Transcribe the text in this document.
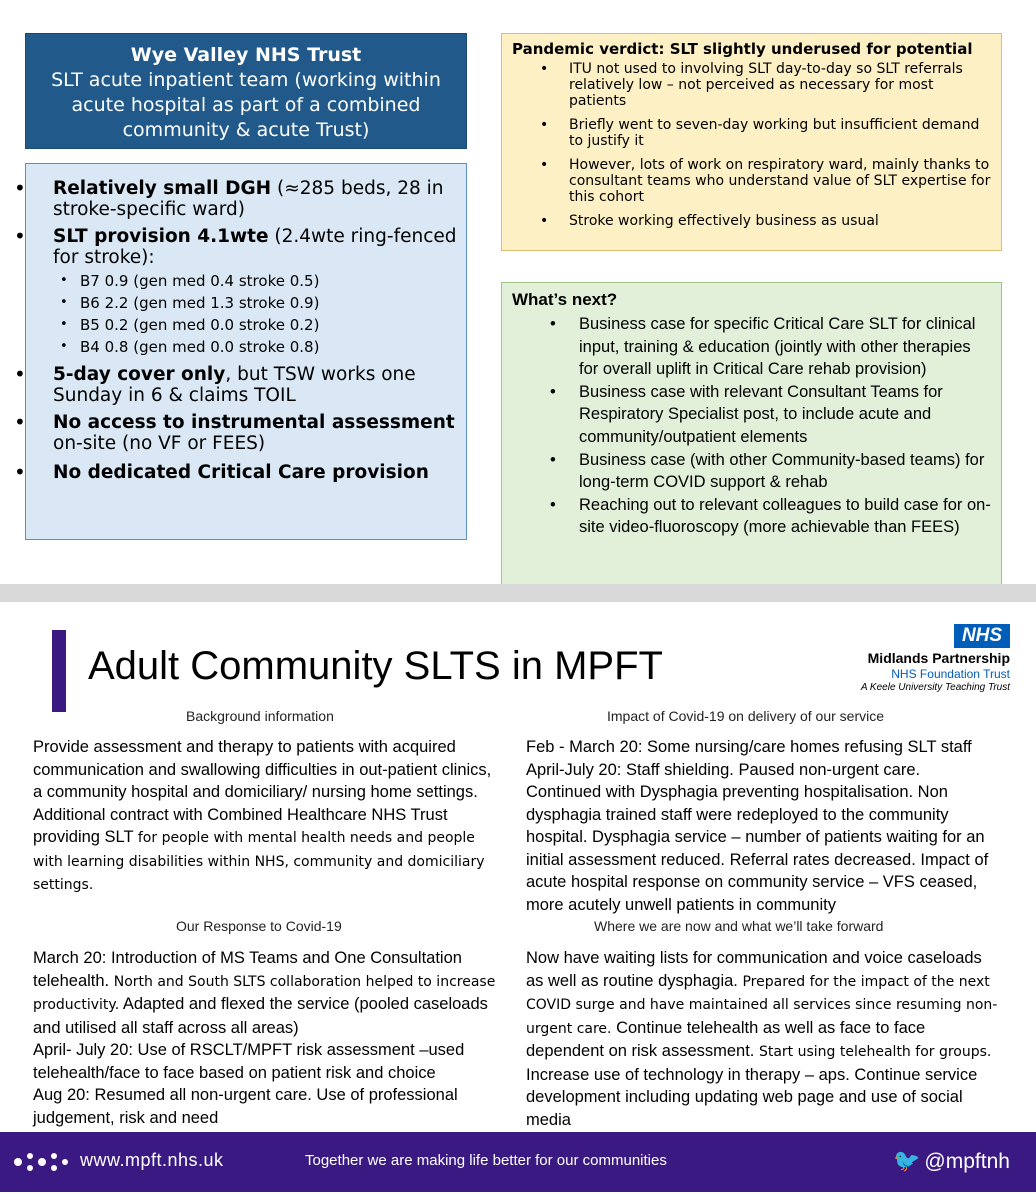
Wye Valley NHS Trust
SLT acute inpatient team (working within
acute hospital as part of a combined
community & acute Trust)
• Relatively small DGH (≈285 beds, 28 in stroke-specific ward)
• SLT provision 4.1wte (2.4wte ring-fenced for stroke):
• B7 0.9 (gen med 0.4 stroke 0.5)
• B6 2.2 (gen med 1.3 stroke 0.9)
• B5 0.2 (gen med 0.0 stroke 0.2)
• B4 0.8 (gen med 0.0 stroke 0.8)
• 5-day cover only, but TSW works one Sunday in 6 & claims TOIL
• No access to instrumental assessment on-site (no VF or FEES)
• No dedicated Critical Care provision
Pandemic verdict: SLT slightly underused for potential
• ITU not used to involving SLT day-to-day so SLT referrals relatively low – not perceived as necessary for most patients
• Briefly went to seven-day working but insufficient demand to justify it
• However, lots of work on respiratory ward, mainly thanks to consultant teams who understand value of SLT expertise for this cohort
• Stroke working effectively business as usual
What’s next?
• Business case for specific Critical Care SLT for clinical input, training & education (jointly with other therapies for overall uplift in Critical Care rehab provision)
• Business case with relevant Consultant Teams for Respiratory Specialist post, to include acute and community/outpatient elements
• Business case (with other Community-based teams) for long-term COVID support & rehab
• Reaching out to relevant colleagues to build case for on-site video-fluoroscopy (more achievable than FEES)
Adult Community SLTS in MPFT
NHS
Midlands Partnership
NHS Foundation Trust
A Keele University Teaching Trust
Background information
Provide assessment and therapy to patients with acquired communication and swallowing difficulties in out-patient clinics, a community hospital and domiciliary/ nursing home settings. Additional contract with Combined Healthcare NHS Trust providing SLT for people with mental health needs and people with learning disabilities within NHS, community and domiciliary settings.
Our Response to Covid-19
March 20: Introduction of MS Teams and One Consultation telehealth. North and South SLTS collaboration helped to increase productivity. Adapted and flexed the service (pooled caseloads and utilised all staff across all areas)
April- July 20: Use of RSCLT/MPFT risk assessment –used telehealth/face to face based on patient risk and choice
Aug 20: Resumed all non-urgent care. Use of professional judgement, risk and need
Impact of Covid-19 on delivery of our service
Feb - March 20: Some nursing/care homes refusing SLT staff
April-July 20: Staff shielding. Paused non-urgent care. Continued with Dysphagia preventing hospitalisation. Non dysphagia trained staff were redeployed to the community hospital. Dysphagia service – number of patients waiting for an initial assessment reduced. Referral rates decreased. Impact of acute hospital response on community service – VFS ceased, more acutely unwell patients in community
Where we are now and what we’ll take forward
Now have waiting lists for communication and voice caseloads as well as routine dysphagia. Prepared for the impact of the next COVID surge and have maintained all services since resuming non-urgent care. Continue telehealth as well as face to face dependent on risk assessment. Start using telehealth for groups. Increase use of technology in therapy – aps. Continue service development including updating web page and use of social media
www.mpft.nhs.uk	Together we are making life better for our communities	🐦 @mpftnh
